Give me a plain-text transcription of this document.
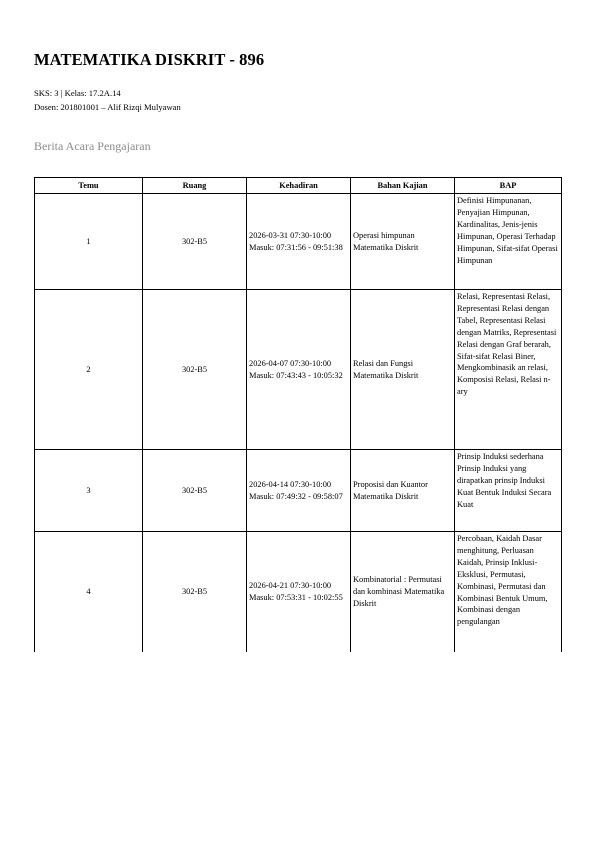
MATEMATIKA DISKRIT - 896
SKS: 3 | Kelas: 17.2A.14
Dosen: 201801001 – Alif Rizqi Mulyawan
Berita Acara Pengajaran
Temu	Ruang	Kehadiran	Bahan Kajian	BAP
1	302-B5	2026-03-31 07:30-10:00
Masuk: 07:31:56 - 09:51:38	Operasi himpunan Matematika Diskrit	Definisi Himpunanan, Penyajian Himpunan, Kardinalitas, Jenis-jenis Himpunan, Operasi Terhadap Himpunan, Sifat-sifat Operasi Himpunan
2	302-B5	2026-04-07 07:30-10:00
Masuk: 07:43:43 - 10:05:32	Relasi dan Fungsi Matematika Diskrit	Relasi, Representasi Relasi, Representasi Relasi dengan Tabel, Representasi Relasi dengan Matriks, Representasi Relasi dengan Graf berarah, Sifat-sifat Relasi Biner, Mengkombinasik an relasi, Komposisi Relasi, Relasi n-ary
3	302-B5	2026-04-14 07:30-10:00
Masuk: 07:49:32 - 09:58:07	Proposisi dan Kuantor Matematika Diskrit	Prinsip Induksi sederhana Prinsip Induksi yang dirapatkan prinsip Induksi Kuat Bentuk Induksi Secara Kuat
4	302-B5	2026-04-21 07:30-10:00
Masuk: 07:53:31 - 10:02:55	Kombinatorial : Permutasi dan kombinasi Matematika Diskrit	Percobaan, Kaidah Dasar menghitung, Perluasan Kaidah, Prinsip Inklusi-Eksklusi, Permutasi, Kombinasi, Permutasi dan Kombinasi Bentuk Umum, Kombinasi dengan pengulangan
